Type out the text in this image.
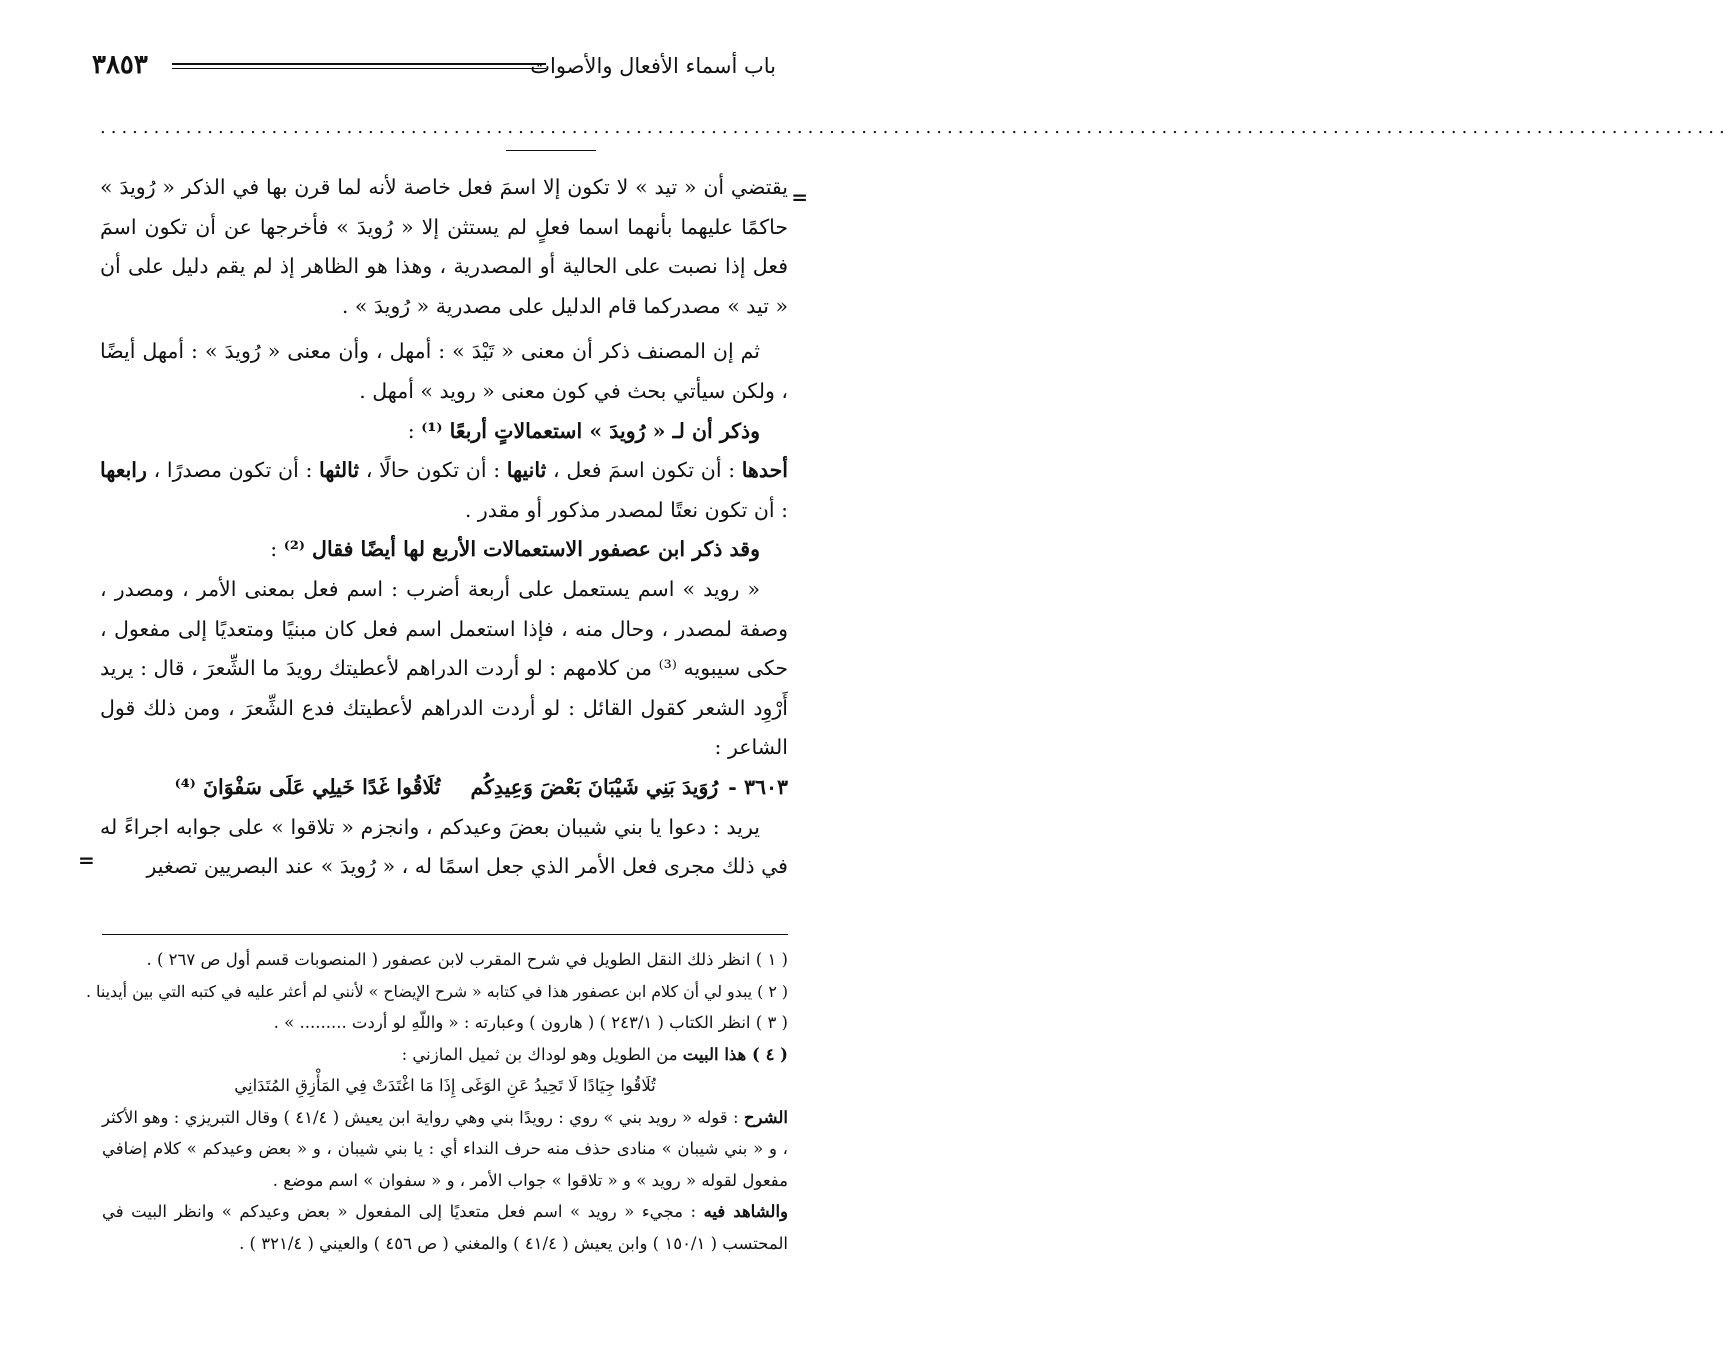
باب أسماء الأفعال والأصوات
٣٨٥٣
........................................................................................................................................................

=
يقتضي أن « تيد » لا تكون إلا اسمَ فعل خاصة لأنه لما قرن بها في الذكر « رُويدَ » حاكمًا عليهما بأنهما اسما فعلٍ لم يستثن إلا « رُويدَ » فأخرجها عن أن تكون اسمَ فعل إذا نصبت على الحالية أو المصدرية ، وهذا هو الظاهر إذ لم يقم دليل على أن « تيد » مصدركما قام الدليل على مصدرية « رُويدَ » .

ثم إن المصنف ذكر أن معنى « تَيْدَ » : أمهل ، وأن معنى « رُويدَ » : أمهل أيضًا ، ولكن سيأتي بحث في كون معنى « رويد » أمهل .

وذكر أن لـ « رُويدَ » استعمالاتٍ أربعًا ⁽¹⁾ :

أحدها : أن تكون اسمَ فعل ، ثانيها : أن تكون حالًا ، ثالثها : أن تكون مصدرًا ، رابعها : أن تكون نعتًا لمصدر مذكور أو مقدر .

وقد ذكر ابن عصفور الاستعمالات الأربع لها أيضًا فقال ⁽²⁾ :

« رويد » اسم يستعمل على أربعة أضرب : اسم فعل بمعنى الأمر ، ومصدر ، وصفة لمصدر ، وحال منه ، فإذا استعمل اسم فعل كان مبنيًا ومتعديًا إلى مفعول ، حكى سيبويه ⁽³⁾ من كلامهم : لو أردت الدراهم لأعطيتك رويدَ ما الشِّعرَ ، قال : يريد أَرْوِد الشعر كقول القائل : لو أردت الدراهم لأعطيتك فدع الشِّعرَ ، ومن ذلك قول الشاعر :

٣٦٠٣ -
رُوَيدَ بَنِي شَيْبَانَ بَعْضَ وَعِيدِكُم
تُلَاقُوا غَدًا خَيلِي عَلَى سَفْوَانَ ⁽⁴⁾

يريد : دعوا يا بني شيبان بعضَ وعيدكم ، وانجزم « تلاقوا » على جوابه اجراءً له في ذلك مجرى فعل الأمر الذي جعل اسمًا له ، « رُويدَ » عند البصريين تصغير
=

( ١ ) انظر ذلك النقل الطويل في شرح المقرب لابن عصفور ( المنصوبات قسم أول ص ٢٦٧ ) .

( ٢ ) يبدو لي أن كلام ابن عصفور هذا في كتابه « شرح الإيضاح » لأنني لم أعثر عليه في كتبه التي بين أيدينا .

( ٣ ) انظر الكتاب ( ٢٤٣/١ ) ( هارون ) وعبارته : « واللّهِ لو أردت ......... » .

( ٤ ) هذا البيت من الطويل وهو لوداك بن ثميل المازني :

تُلَاقُوا جِيَادًا لَا تَحِيدُ عَنِ الوَغَى إِذَا مَا اغْتَدَتْ فِي المَأْزِقِ المُتَدَانِي

الشرح : قوله « رويد بني » روي : رويدًا بني وهي رواية ابن يعيش ( ٤١/٤ ) وقال التبريزي : وهو الأكثر ، و « بني شيبان » منادى حذف منه حرف النداء أي : يا بني شيبان ، و « بعض وعيدكم » كلام إضافي مفعول لقوله « رويد » و « تلاقوا » جواب الأمر ، و « سفوان » اسم موضع .

والشاهد فيه : مجيء « رويد » اسم فعل متعديًا إلى المفعول « بعض وعيدكم » وانظر البيت في المحتسب ( ١٥٠/١ ) وابن يعيش ( ٤١/٤ ) والمغني ( ص ٤٥٦ ) والعيني ( ٣٢١/٤ ) .
